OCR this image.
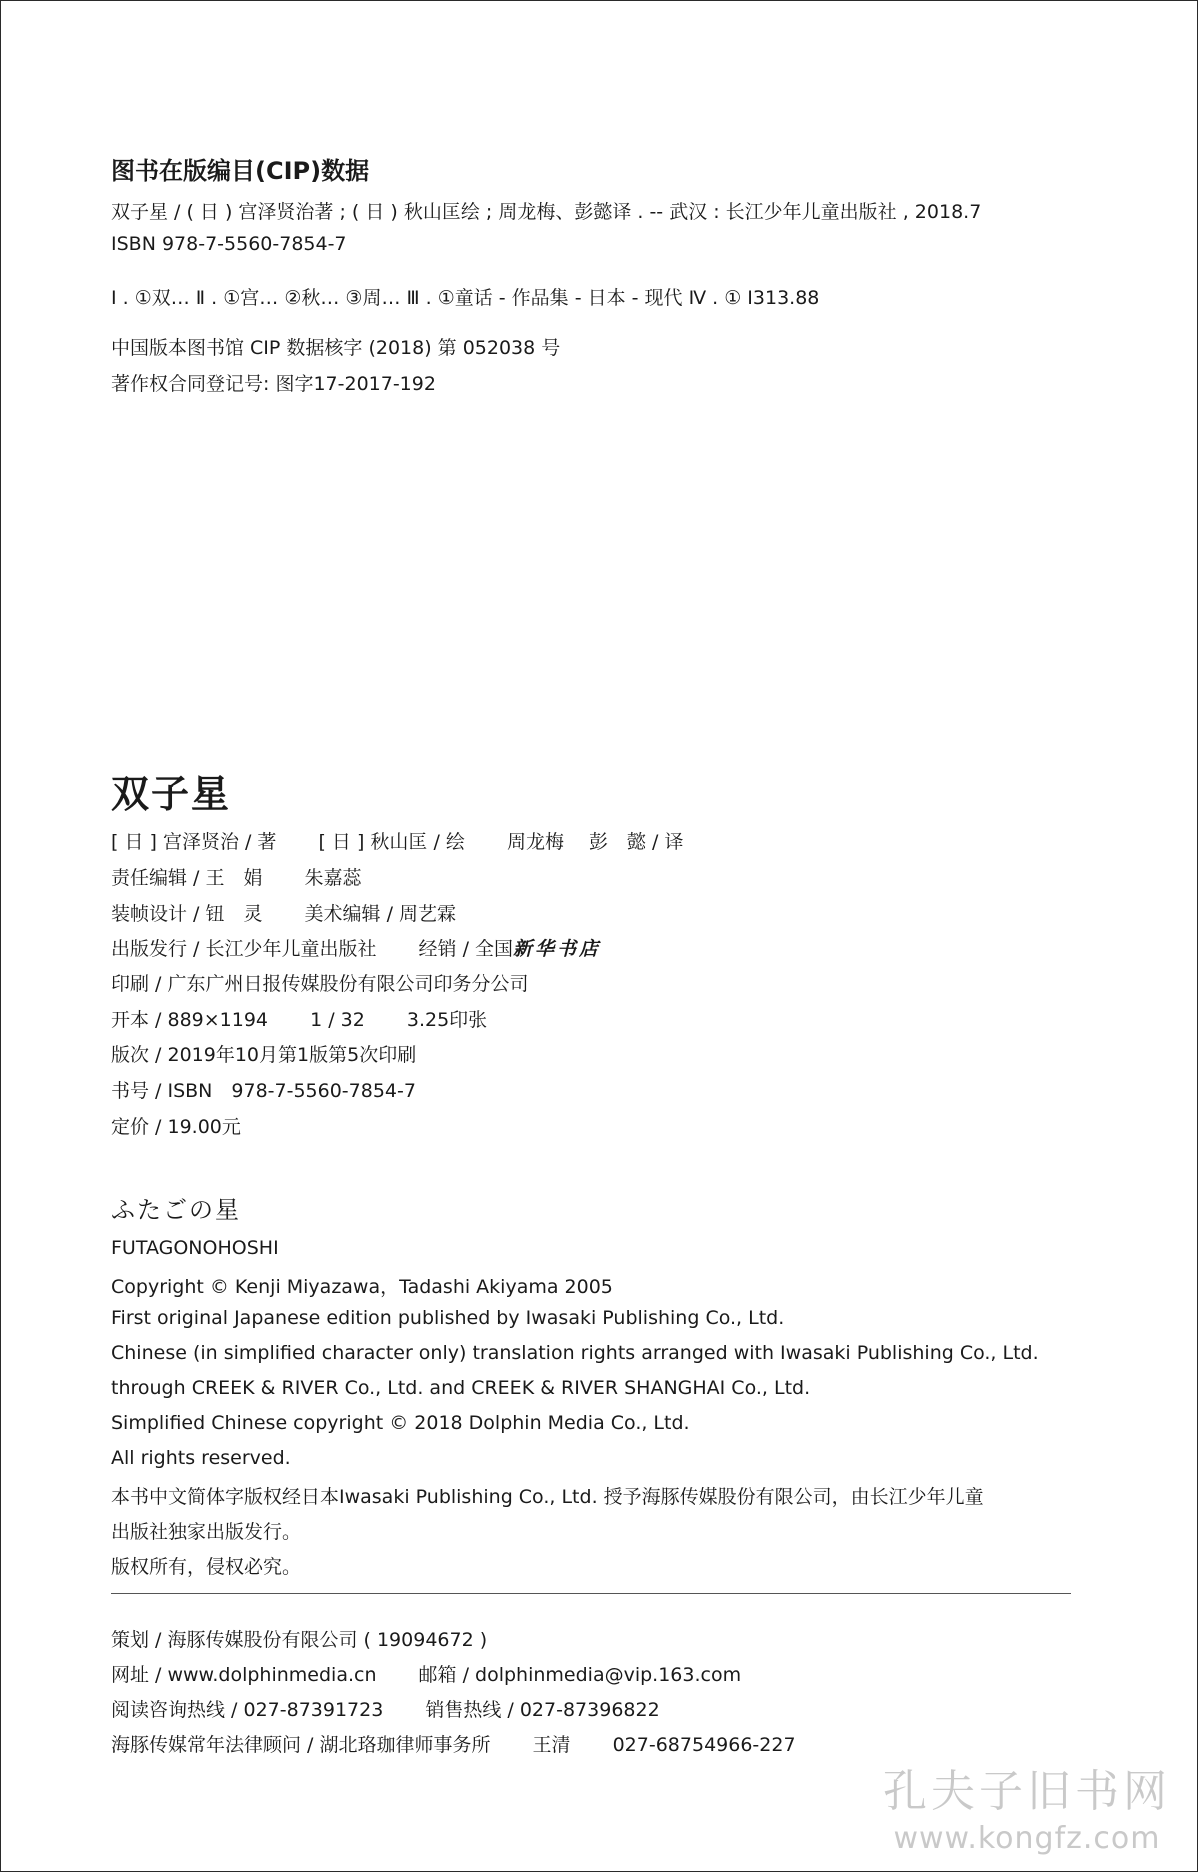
图书在版编目(CIP)数据
双子星 / ( 日 ) 宫泽贤治著 ; ( 日 ) 秋山匡绘 ; 周龙梅、彭懿译 . -- 武汉 : 长江少年儿童出版社 , 2018.7
ISBN 978-7-5560-7854-7
Ⅰ . ①双… Ⅱ . ①宫… ②秋… ③周… Ⅲ . ①童话 - 作品集 - 日本 - 现代 Ⅳ . ① I313.88
中国版本图书馆 CIP 数据核字 (2018) 第 052038 号
著作权合同登记号: 图字17-2017-192
双子星
[ 日 ] 宫泽贤治 / 著 [ 日 ] 秋山匡 / 绘 周龙梅　 彭　懿 / 译
责任编辑 / 王　娟 朱嘉蕊
装帧设计 / 钮　灵 美术编辑 / 周艺霖
出版发行 / 长江少年儿童出版社 经销 / 全国新华书店
印刷 / 广东广州日报传媒股份有限公司印务分公司
开本 / 889×1194 1 / 32 3.25印张
版次 / 2019年10月第1版第5次印刷
书号 / ISBN　978-7-5560-7854-7
定价 / 19.00元
ふたごの星
FUTAGONOHOSHI
Copyright © Kenji Miyazawa，Tadashi Akiyama 2005
First original Japanese edition published by Iwasaki Publishing Co., Ltd.
Chinese (in simplified character only) translation rights arranged with Iwasaki Publishing Co., Ltd.
through CREEK & RIVER Co., Ltd. and CREEK & RIVER SHANGHAI Co., Ltd.
Simplified Chinese copyright © 2018 Dolphin Media Co., Ltd.
All rights reserved.
本书中文简体字版权经日本Iwasaki Publishing Co., Ltd. 授予海豚传媒股份有限公司，由长江少年儿童
出版社独家出版发行。
版权所有，侵权必究。
策划 / 海豚传媒股份有限公司 ( 19094672 )
网址 / www.dolphinmedia.cn 邮箱 / dolphinmedia@vip.163.com
阅读咨询热线 / 027-87391723 销售热线 / 027-87396822
海豚传媒常年法律顾问 / 湖北珞珈律师事务所 王清 027-68754966-227
孔夫子旧书网
www.kongfz.com
